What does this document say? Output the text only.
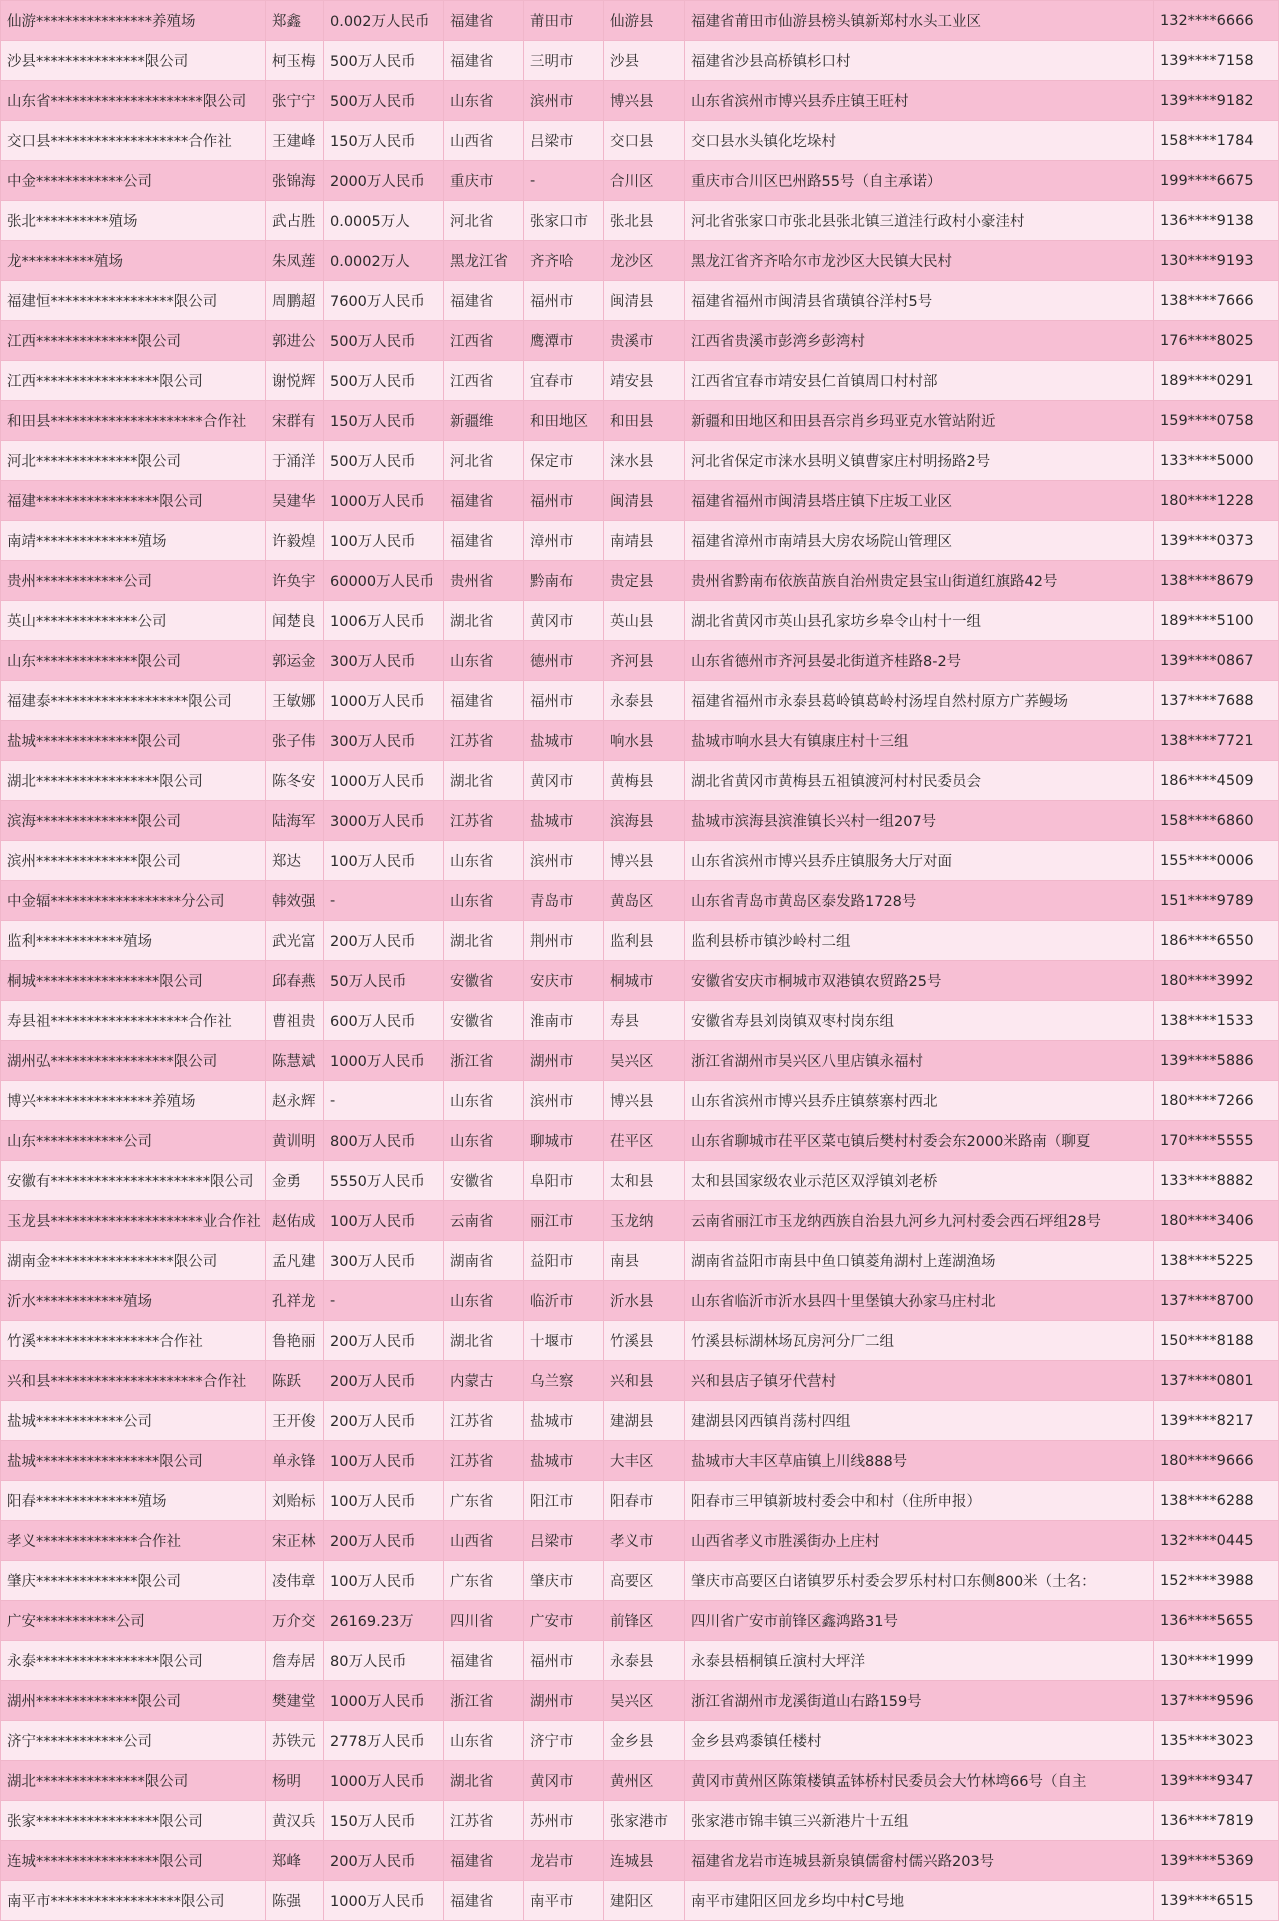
仙游****************养殖场	郑鑫	0.002万人民币	福建省	莆田市	仙游县	福建省莆田市仙游县榜头镇新郑村水头工业区	132****6666
沙县***************限公司	柯玉梅	500万人民币	福建省	三明市	沙县	福建省沙县高桥镇杉口村	139****7158
山东省*********************限公司	张宁宁	500万人民币	山东省	滨州市	博兴县	山东省滨州市博兴县乔庄镇王旺村	139****9182
交口县*******************合作社	王建峰	150万人民币	山西省	吕梁市	交口县	交口县水头镇化圪垛村	158****1784
中金************公司	张锦海	2000万人民币	重庆市	-	合川区	重庆市合川区巴州路55号（自主承诺）	199****6675
张北**********殖场	武占胜	0.0005万人	河北省	张家口市	张北县	河北省张家口市张北县张北镇三道洼行政村小豪洼村	136****9138
龙**********殖场	朱凤莲	0.0002万人	黑龙江省	齐齐哈	龙沙区	黑龙江省齐齐哈尔市龙沙区大民镇大民村	130****9193
福建恒*****************限公司	周鹏超	7600万人民币	福建省	福州市	闽清县	福建省福州市闽清县省璜镇谷洋村5号	138****7666
江西**************限公司	郭进公	500万人民币	江西省	鹰潭市	贵溪市	江西省贵溪市彭湾乡彭湾村	176****8025
江西*****************限公司	谢悦辉	500万人民币	江西省	宜春市	靖安县	江西省宜春市靖安县仁首镇周口村村部	189****0291
和田县*********************合作社	宋群有	150万人民币	新疆维	和田地区	和田县	新疆和田地区和田县吾宗肖乡玛亚克水管站附近	159****0758
河北**************限公司	于涌洋	500万人民币	河北省	保定市	涞水县	河北省保定市涞水县明义镇曹家庄村明扬路2号	133****5000
福建*****************限公司	吴建华	1000万人民币	福建省	福州市	闽清县	福建省福州市闽清县塔庄镇下庄坂工业区	180****1228
南靖**************殖场	许毅煌	100万人民币	福建省	漳州市	南靖县	福建省漳州市南靖县大房农场院山管理区	139****0373
贵州************公司	许奂宇	60000万人民币	贵州省	黔南布	贵定县	贵州省黔南布依族苗族自治州贵定县宝山街道红旗路42号	138****8679
英山**************公司	闻楚良	1006万人民币	湖北省	黄冈市	英山县	湖北省黄冈市英山县孔家坊乡皋令山村十一组	189****5100
山东**************限公司	郭运金	300万人民币	山东省	德州市	齐河县	山东省德州市齐河县晏北街道齐桂路8-2号	139****0867
福建泰*******************限公司	王敏娜	1000万人民币	福建省	福州市	永泰县	福建省福州市永泰县葛岭镇葛岭村汤埕自然村原方广荞鳗场	137****7688
盐城**************限公司	张子伟	300万人民币	江苏省	盐城市	响水县	盐城市响水县大有镇康庄村十三组	138****7721
湖北*****************限公司	陈冬安	1000万人民币	湖北省	黄冈市	黄梅县	湖北省黄冈市黄梅县五祖镇渡河村村民委员会	186****4509
滨海**************限公司	陆海军	3000万人民币	江苏省	盐城市	滨海县	盐城市滨海县滨淮镇长兴村一组207号	158****6860
滨州**************限公司	郑达	100万人民币	山东省	滨州市	博兴县	山东省滨州市博兴县乔庄镇服务大厅对面	155****0006
中金辐******************分公司	韩效强	-	山东省	青岛市	黄岛区	山东省青岛市黄岛区泰发路1728号	151****9789
监利************殖场	武光富	200万人民币	湖北省	荆州市	监利县	监利县桥市镇沙岭村二组	186****6550
桐城*****************限公司	邱春燕	50万人民币	安徽省	安庆市	桐城市	安徽省安庆市桐城市双港镇农贸路25号	180****3992
寿县祖*******************合作社	曹祖贵	600万人民币	安徽省	淮南市	寿县	安徽省寿县刘岗镇双枣村岗东组	138****1533
湖州弘*****************限公司	陈慧斌	1000万人民币	浙江省	湖州市	吴兴区	浙江省湖州市吴兴区八里店镇永福村	139****5886
博兴****************养殖场	赵永辉	-	山东省	滨州市	博兴县	山东省滨州市博兴县乔庄镇蔡寨村西北	180****7266
山东************公司	黄训明	800万人民币	山东省	聊城市	茌平区	山东省聊城市茌平区菜屯镇后樊村村委会东2000米路南（聊夏	170****5555
安徽有**********************限公司	金勇	5550万人民币	安徽省	阜阳市	太和县	太和县国家级农业示范区双浮镇刘老桥	133****8882
玉龙县*********************业合作社	赵佑成	100万人民币	云南省	丽江市	玉龙纳	云南省丽江市玉龙纳西族自治县九河乡九河村委会西石坪组28号	180****3406
湖南金*****************限公司	孟凡建	300万人民币	湖南省	益阳市	南县	湖南省益阳市南县中鱼口镇菱角湖村上莲湖渔场	138****5225
沂水************殖场	孔祥龙	-	山东省	临沂市	沂水县	山东省临沂市沂水县四十里堡镇大孙家马庄村北	137****8700
竹溪*****************合作社	鲁艳丽	200万人民币	湖北省	十堰市	竹溪县	竹溪县标湖林场瓦房河分厂二组	150****8188
兴和县*********************合作社	陈跃	200万人民币	内蒙古	乌兰察	兴和县	兴和县店子镇牙代营村	137****0801
盐城************公司	王开俊	200万人民币	江苏省	盐城市	建湖县	建湖县冈西镇肖荡村四组	139****8217
盐城*****************限公司	单永锋	100万人民币	江苏省	盐城市	大丰区	盐城市大丰区草庙镇上川线888号	180****9666
阳春**************殖场	刘贻标	100万人民币	广东省	阳江市	阳春市	阳春市三甲镇新坡村委会中和村（住所申报）	138****6288
孝义**************合作社	宋正林	200万人民币	山西省	吕梁市	孝义市	山西省孝义市胜溪街办上庄村	132****0445
肇庆**************限公司	凌伟章	100万人民币	广东省	肇庆市	高要区	肇庆市高要区白诸镇罗乐村委会罗乐村村口东侧800米（土名：	152****3988
广安***********公司	万介交	26169.23万	四川省	广安市	前锋区	四川省广安市前锋区鑫鸿路31号	136****5655
永泰*****************限公司	詹寿居	80万人民币	福建省	福州市	永泰县	永泰县梧桐镇丘演村大坪洋	130****1999
湖州**************限公司	樊建堂	1000万人民币	浙江省	湖州市	吴兴区	浙江省湖州市龙溪街道山右路159号	137****9596
济宁************公司	苏铁元	2778万人民币	山东省	济宁市	金乡县	金乡县鸡黍镇任楼村	135****3023
湖北***************限公司	杨明	1000万人民币	湖北省	黄冈市	黄州区	黄冈市黄州区陈策楼镇孟钵桥村民委员会大竹林塆66号（自主	139****9347
张家*****************限公司	黄汉兵	150万人民币	江苏省	苏州市	张家港市	张家港市锦丰镇三兴新港片十五组	136****7819
连城*****************限公司	郑峰	200万人民币	福建省	龙岩市	连城县	福建省龙岩市连城县新泉镇儒畲村儒兴路203号	139****5369
南平市******************限公司	陈强	1000万人民币	福建省	南平市	建阳区	南平市建阳区回龙乡均中村C号地	139****6515
